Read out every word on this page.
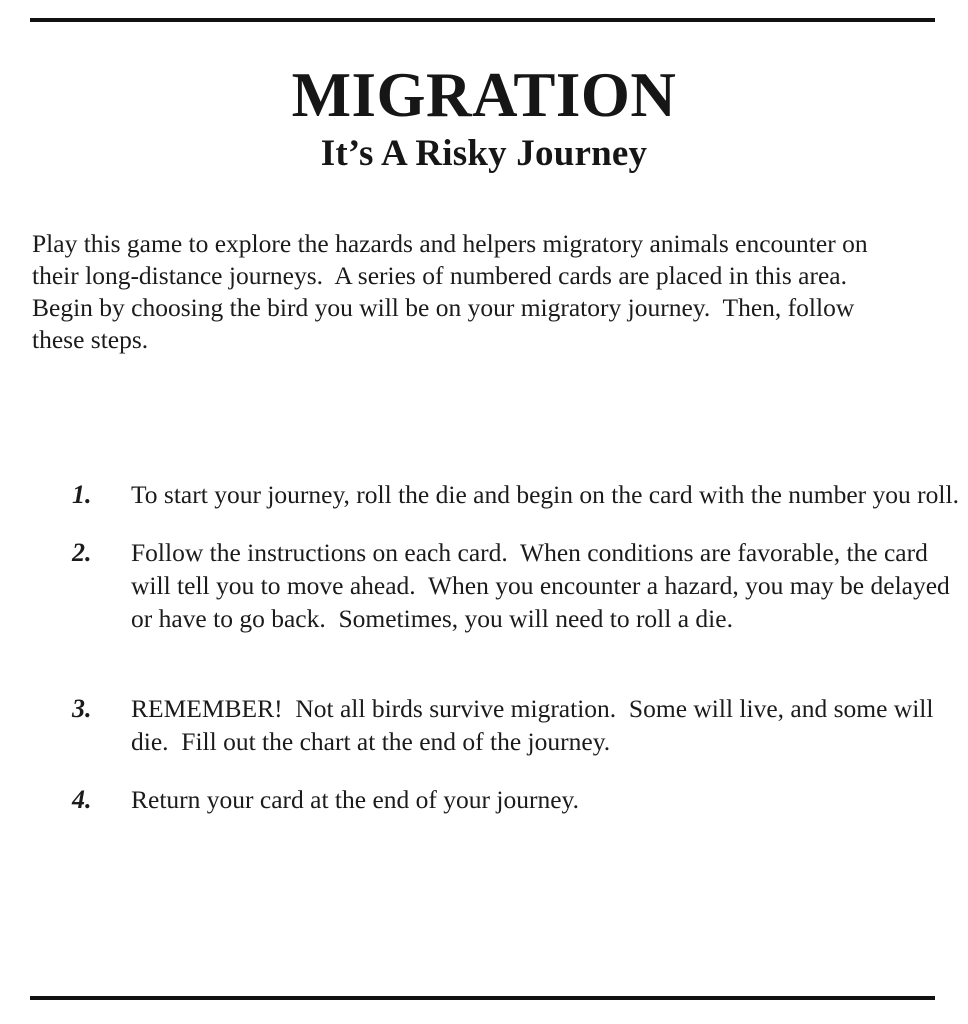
MIGRATION
It’s A Risky Journey

Play this game to explore the hazards and helpers migratory animals encounter on their long-distance journeys.  A series of numbered cards are placed in this area.  Begin by choosing the bird you will be on your migratory journey.  Then, follow these steps.

1.	To start your journey, roll the die and begin on the card with the number you roll.
2.	Follow the instructions on each card.  When conditions are favorable, the card will tell you to move ahead.  When you encounter a hazard, you may be delayed or have to go back.  Sometimes, you will need to roll a die.
3.	REMEMBER!  Not all birds survive migration.  Some will live, and some will die.  Fill out the chart at the end of the journey.
4.	Return your card at the end of your journey.
